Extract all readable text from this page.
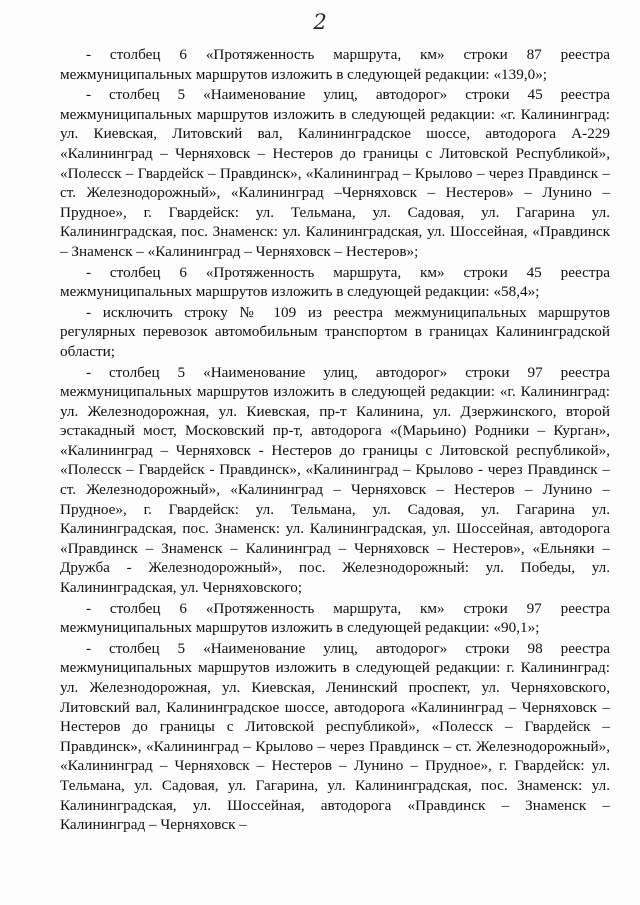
2

- столбец 6 «Протяженность маршрута, км» строки 87 реестра межмуниципальных маршрутов изложить в следующей редакции: «139,0»;

- столбец 5 «Наименование улиц, автодорог» строки 45 реестра межмуниципальных маршрутов изложить в следующей редакции: «г. Калининград: ул. Киевская, Литовский вал, Калининградское шоссе, автодорога А-229 «Калининград – Черняховск – Нестеров до границы с Литовской Республикой», «Полесск – Гвардейск – Правдинск», «Калининград – Крылово – через Правдинск – ст. Железнодорожный», «Калининград –Черняховск – Нестеров» – Лунино – Прудное», г. Гвардейск: ул. Тельмана, ул. Садовая, ул. Гагарина ул. Калининградская, пос. Знаменск: ул. Калининградская, ул. Шоссейная, «Правдинск – Знаменск – «Калининград – Черняховск – Нестеров»;

- столбец 6 «Протяженность маршрута, км» строки 45 реестра межмуниципальных маршрутов изложить в следующей редакции: «58,4»;

- исключить строку № 109 из реестра межмуниципальных маршрутов регулярных перевозок автомобильным транспортом в границах Калининградской области;

- столбец 5 «Наименование улиц, автодорог» строки 97 реестра межмуниципальных маршрутов изложить в следующей редакции: «г. Калининград: ул. Железнодорожная, ул. Киевская, пр-т Калинина, ул. Дзержинского, второй эстакадный мост, Московский пр-т, автодорога «(Марьино) Родники – Курган», «Калининград – Черняховск - Нестеров до границы с Литовской республикой», «Полесск – Гвардейск - Правдинск», «Калининград – Крылово - через Правдинск – ст. Железнодорожный», «Калининград – Черняховск – Нестеров – Лунино – Прудное», г. Гвардейск: ул. Тельмана, ул. Садовая, ул. Гагарина ул. Калининградская, пос. Знаменск: ул. Калининградская, ул. Шоссейная, автодорога «Правдинск – Знаменск – Калининград – Черняховск – Нестеров», «Ельняки – Дружба - Железнодорожный», пос. Железнодорожный: ул. Победы, ул. Калининградская, ул. Черняховского;

- столбец 6 «Протяженность маршрута, км» строки 97 реестра межмуниципальных маршрутов изложить в следующей редакции: «90,1»;

- столбец 5 «Наименование улиц, автодорог» строки 98 реестра межмуниципальных маршрутов изложить в следующей редакции: г. Калининград: ул. Железнодорожная, ул. Киевская, Ленинский проспект, ул. Черняховского, Литовский вал, Калининградское шоссе, автодорога «Калининград – Черняховск –Нестеров до границы с Литовской республикой», «Полесск – Гвардейск – Правдинск», «Калининград – Крылово – через Правдинск – ст. Железнодорожный», «Калининград – Черняховск – Нестеров – Лунино – Прудное», г. Гвардейск: ул. Тельмана, ул. Садовая, ул. Гагарина, ул. Калининградская, пос. Знаменск: ул. Калининградская, ул. Шоссейная, автодорога «Правдинск – Знаменск – Калининград – Черняховск –
